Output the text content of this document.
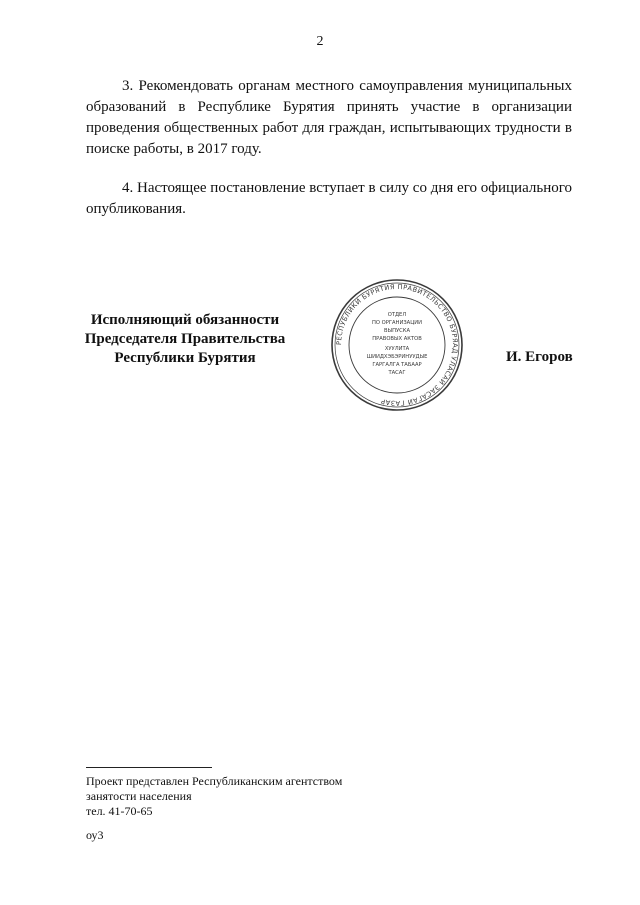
2

3. Рекомендовать органам местного самоуправления муниципальных образований в Республике Бурятия принять участие в организации проведения общественных работ для граждан, испытывающих трудности в поиске работы, в 2017 году.

4. Настоящее постановление вступает в силу со дня его официального опубликования.

Исполняющий обязанности
Председателя Правительства
Республики Бурятия
РЕСПУБЛИКИ БУРЯТИЯ ПРАВИТЕЛЬСТВО БУРЯАД УЛАСАЙ ЗАСАГАЙ ГАЗАР
ОТДЕЛ
ПО ОРГАНИЗАЦИИ
ВЫПУСКА
ПРАВОВЫХ АКТОВ
ХУУЛИТА
ШИИДХЭБЭРИНУУДЫЕ
ГАРГАЛГА ТАБААР
ТАСАГ
И. Егоров
Проект представлен Республиканским агентством
занятости населения
тел. 41-70-65
оу3
